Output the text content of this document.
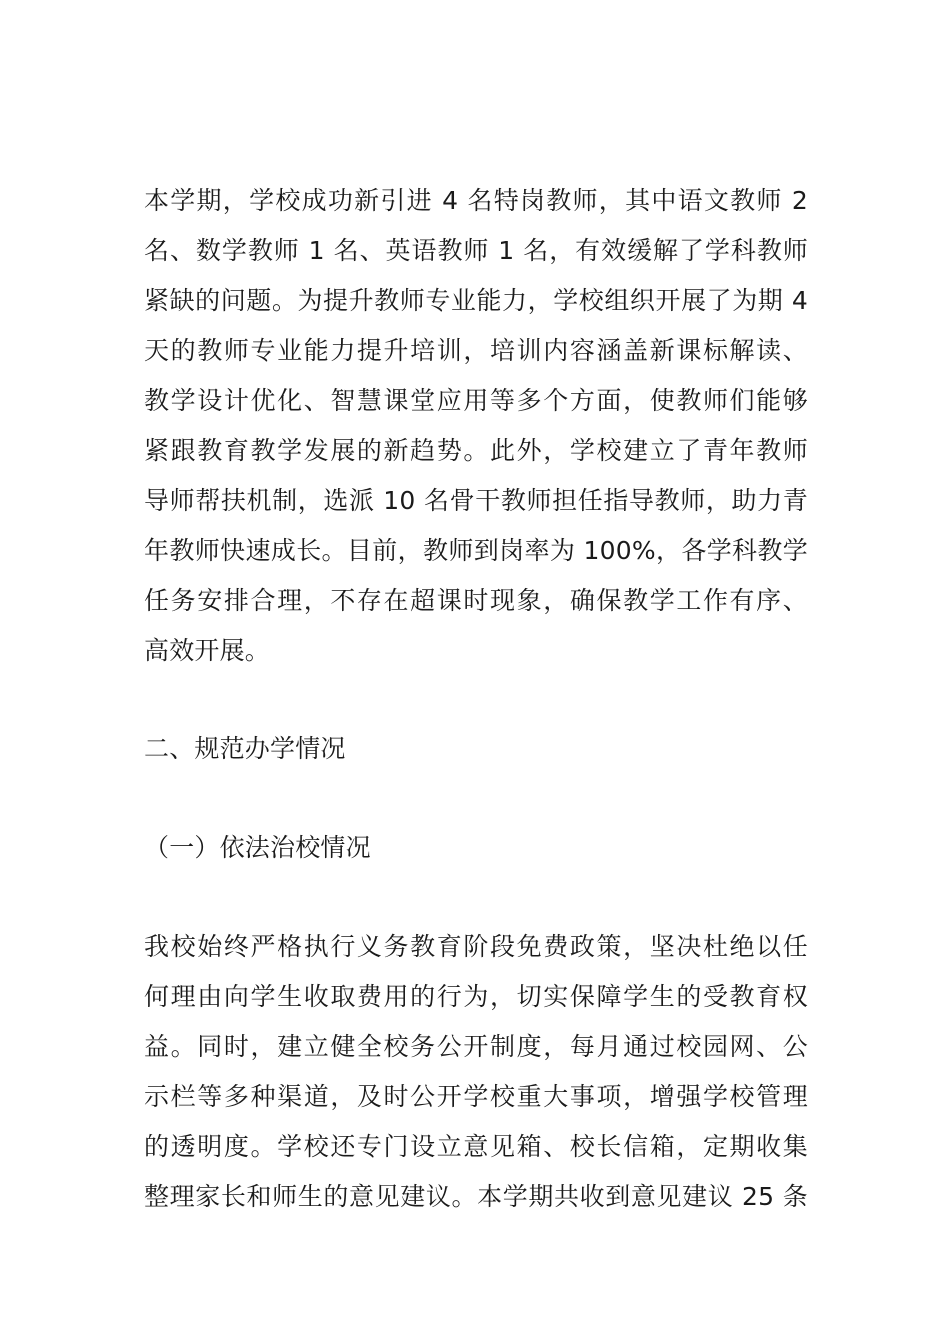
本学期，学校成功新引进 4 名特岗教师，其中语文教师 2
名、数学教师 1 名、英语教师 1 名，有效缓解了学科教师
紧缺的问题。为提升教师专业能力，学校组织开展了为期 4
天的教师专业能力提升培训，培训内容涵盖新课标解读、
教学设计优化、智慧课堂应用等多个方面，使教师们能够
紧跟教育教学发展的新趋势。此外，学校建立了青年教师
导师帮扶机制，选派 10 名骨干教师担任指导教师，助力青
年教师快速成长。目前，教师到岗率为 100%，各学科教学
任务安排合理，不存在超课时现象，确保教学工作有序、
高效开展。
二、规范办学情况
（一）依法治校情况
我校始终严格执行义务教育阶段免费政策，坚决杜绝以任
何理由向学生收取费用的行为，切实保障学生的受教育权
益。同时，建立健全校务公开制度，每月通过校园网、公
示栏等多种渠道，及时公开学校重大事项，增强学校管理
的透明度。学校还专门设立意见箱、校长信箱，定期收集
整理家长和师生的意见建议。本学期共收到意见建议 25 条
